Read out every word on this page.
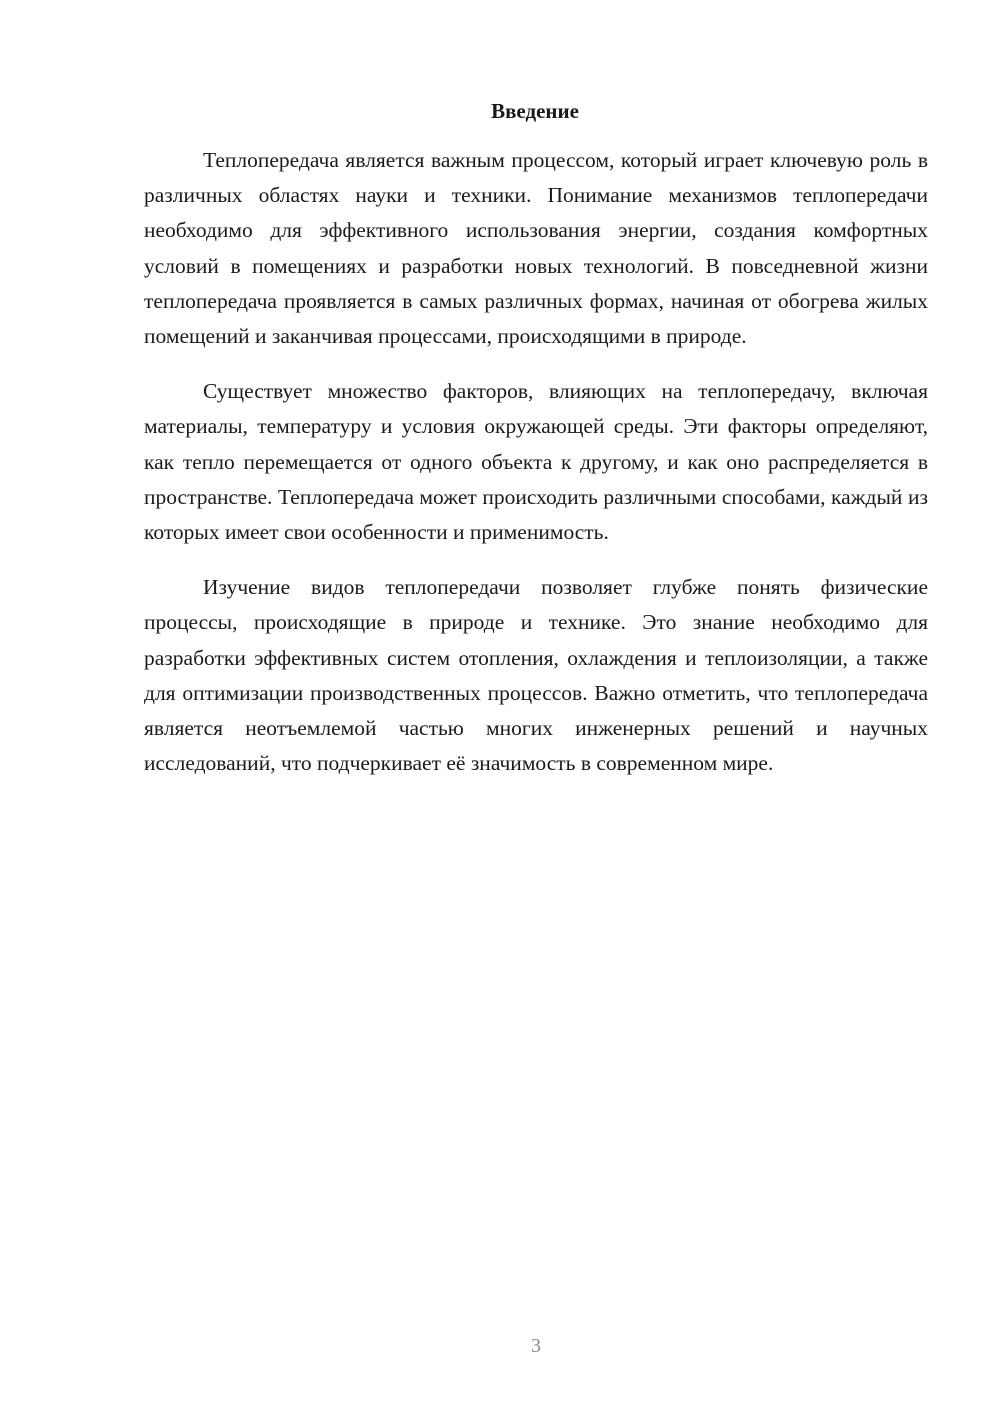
Введение

Теплопередача является важным процессом, который играет ключевую роль в различных областях науки и техники. Понимание механизмов теплопередачи необходимо для эффективного использования энергии, создания комфортных условий в помещениях и разработки новых технологий. В повседневной жизни теплопередача проявляется в самых различных формах, начиная от обогрева жилых помещений и заканчивая процессами, происходящими в природе.

Существует множество факторов, влияющих на теплопередачу, включая материалы, температуру и условия окружающей среды. Эти факторы определяют, как тепло перемещается от одного объекта к другому, и как оно распределяется в пространстве. Теплопередача может происходить различными способами, каждый из которых имеет свои особенности и применимость.

Изучение видов теплопередачи позволяет глубже понять физические процессы, происходящие в природе и технике. Это знание необходимо для разработки эффективных систем отопления, охлаждения и теплоизоляции, а также для оптимизации производственных процессов. Важно отметить, что теплопередача является неотъемлемой частью многих инженерных решений и научных исследований, что подчеркивает её значимость в современном мире.

3
